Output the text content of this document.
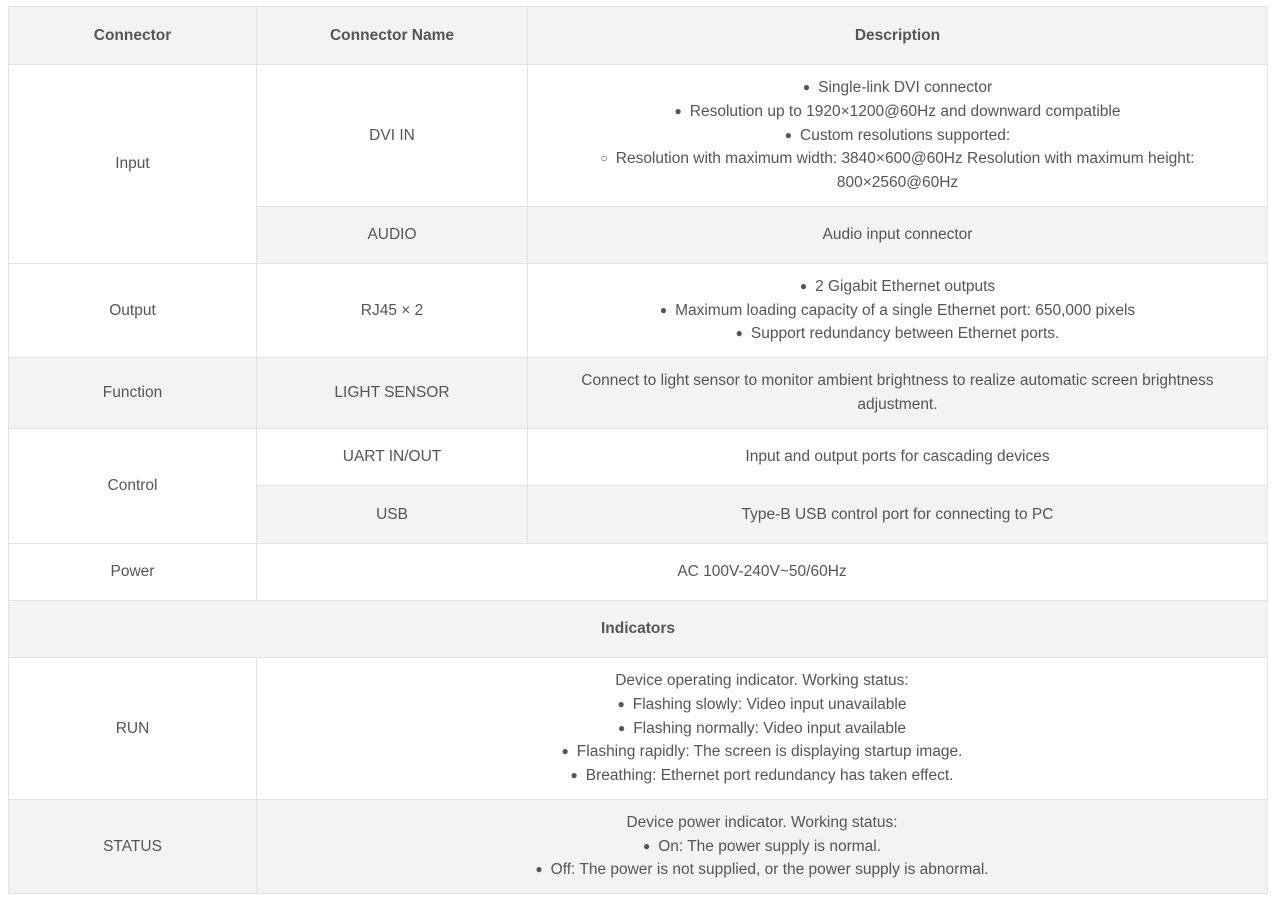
Connector	Connector Name	Description
Input	DVI IN	● Single-link DVI connector
● Resolution up to 1920×1200@60Hz and downward compatible
● Custom resolutions supported:
○ Resolution with maximum width: 3840×600@60Hz Resolution with maximum height: 800×2560@60Hz

	AUDIO	Audio input connector
Output	RJ45 × 2	● 2 Gigabit Ethernet outputs
● Maximum loading capacity of a single Ethernet port: 650,000 pixels
● Support redundancy between Ethernet ports.

Function	LIGHT SENSOR	Connect to light sensor to monitor ambient brightness to realize automatic screen brightness adjustment.
Control	UART IN/OUT	Input and output ports for cascading devices
	USB	Type-B USB control port for connecting to PC
Power	AC 100V-240V~50/60Hz	
Indicators		
RUN	Device operating indicator. Working status:
● Flashing slowly: Video input unavailable
● Flashing normally: Video input available
● Flashing rapidly: The screen is displaying startup image.
● Breathing: Ethernet port redundancy has taken effect.	

STATUS	Device power indicator. Working status:
● On: The power supply is normal.
● Off: The power is not supplied, or the power supply is abnormal.	
